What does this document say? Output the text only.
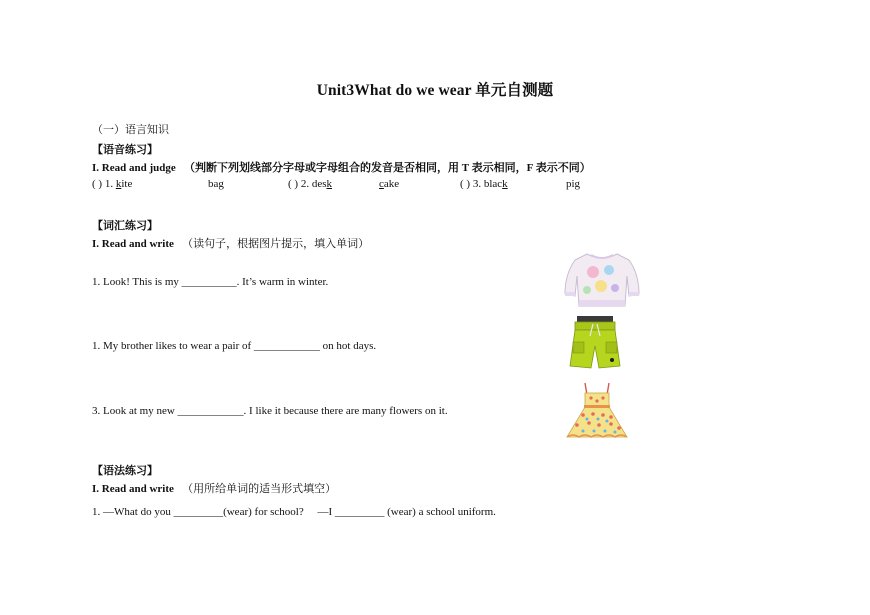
Unit3What do we wear 单元自测题
（一）语言知识
【语音练习】
I. Read and judge （判断下列划线部分字母或字母组合的发音是否相同，用 T 表示相同，F 表示不同）
( ) 1. kite	bag	( ) 2. desk	cake	( ) 3. black	pig
【词汇练习】
I. Read and write （读句子，根据图片提示，填入单词）
1. Look! This is my __________. It’s warm in winter.
1. My brother likes to wear a pair of ____________ on hot days.
3. Look at my new ____________. I like it because there are many flowers on it.
【语法练习】
I. Read and write （用所给单词的适当形式填空）
1. —What do you _________(wear) for school? —I _________ (wear) a school uniform.
